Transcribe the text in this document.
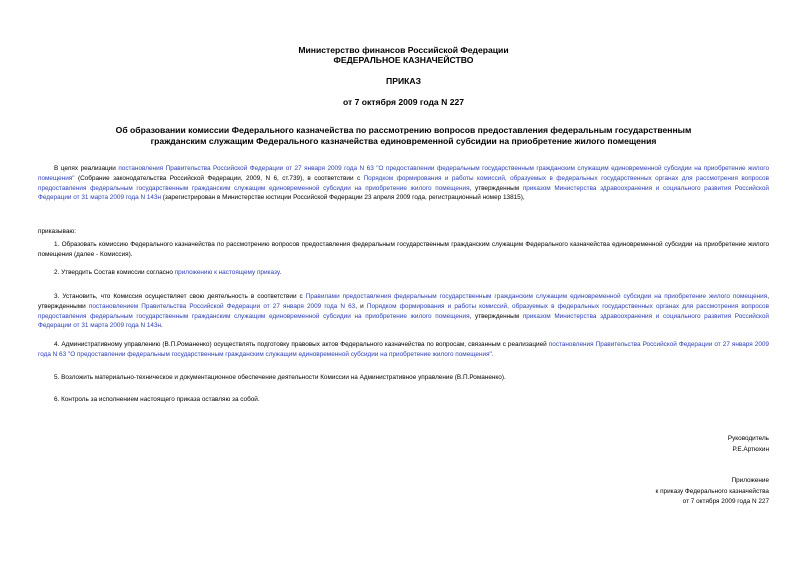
Министерство финансов Российской Федерации
ФЕДЕРАЛЬНОЕ КАЗНАЧЕЙСТВО
ПРИКАЗ
от 7 октября 2009 года N 227
Об образовании комиссии Федерального казначейства по рассмотрению вопросов предоставления федеральным государственным
гражданским служащим Федерального казначейства единовременной субсидии на приобретение жилого помещения
В целях реализации постановления Правительства Российской Федерации от 27 января 2009 года N 63 "О предоставлении федеральным государственным гражданским служащим единовременной субсидии на приобретение жилого помещения" (Собрание законодательства Российской Федерации, 2009, N 6, ст.739), в соответствии с Порядком формирования и работы комиссий, образуемых в федеральных государственных органах для рассмотрения вопросов предоставления федеральным государственным гражданским служащим единовременной субсидии на приобретение жилого помещения, утвержденным приказом Министерства здравоохранения и социального развития Российской Федерации от 31 марта 2009 года N 143н (зарегистрирован в Министерстве юстиции Российской Федерации 23 апреля 2009 года, регистрационный номер 13815),
приказываю:
1. Образовать комиссию Федерального казначейства по рассмотрению вопросов предоставления федеральным государственным гражданским служащим Федерального казначейства единовременной субсидии на приобретение жилого помещения (далее - Комиссия).
2. Утвердить Состав комиссии согласно приложению к настоящему приказу.
3. Установить, что Комиссия осуществляет свою деятельность в соответствии с Правилами предоставления федеральным государственным гражданским служащим единовременной субсидии на приобретение жилого помещения, утвержденными постановлением Правительства Российской Федерации от 27 января 2009 года N 63, и Порядком формирования и работы комиссий, образуемых в федеральных государственных органах для рассмотрения вопросов предоставления федеральным государственным гражданским служащим единовременной субсидии на приобретение жилого помещения, утвержденным приказом Министерства здравоохранения и социального развития Российской Федерации от 31 марта 2009 года N 143н.
4. Административному управлению (В.П.Романенко) осуществлять подготовку правовых актов Федерального казначейства по вопросам, связанным с реализацией постановления Правительства Российской Федерации от 27 января 2009 года N 63 "О предоставлении федеральным государственным гражданским служащим единовременной субсидии на приобретение жилого помещения".
5. Возложить материально-техническое и документационное обеспечение деятельности Комиссии на Административное управление (В.П.Романенко).
6. Контроль за исполнением настоящего приказа оставляю за собой.
Руководитель
Р.Е.Артюхин
Приложение
к приказу Федерального казначейства
от 7 октября 2009 года N 227
